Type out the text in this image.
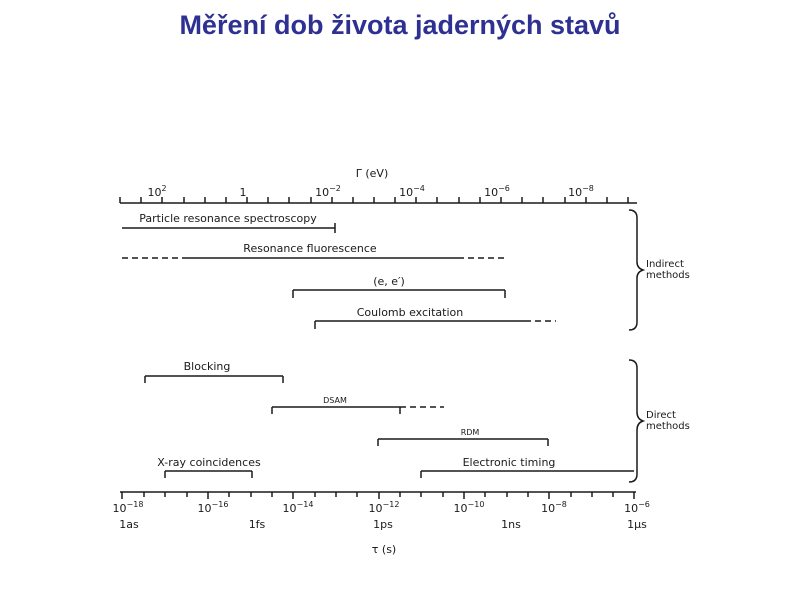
Měření dob života jaderných stavů
Γ (eV)
$10^2$	1	$10^{-2}$	$10^{-4}$	$10^{-6}$	$10^{-8}$
Particle resonance spectroscopy
Resonance fluorescence
(e, e′)
Coulomb excitation
Blocking
DSAM
RDM
X-ray coincidences	Electronic timing
Indirect methods
Direct methods
$10^{-18}$	$10^{-16}$	$10^{-14}$	$10^{-12}$	$10^{-10}$	$10^{-8}$	$10^{-6}$
1as	1fs	1ps	1ns	1μs
τ (s)
